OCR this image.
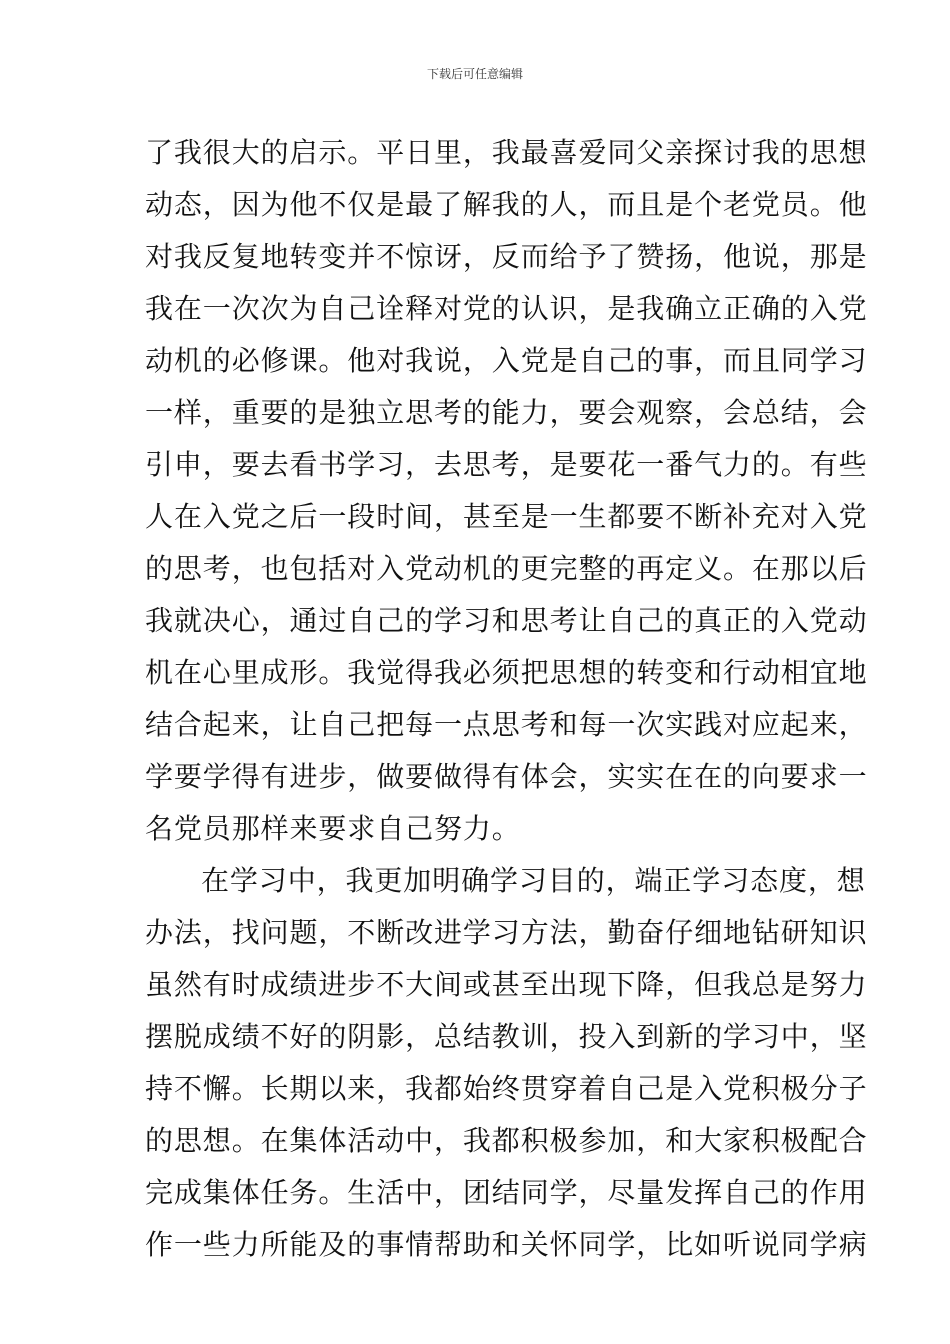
下载后可任意编辑
了我很大的启示。平日里，我最喜爱同父亲探讨我的思想
动态，因为他不仅是最了解我的人，而且是个老党员。他
对我反复地转变并不惊讶，反而给予了赞扬，他说，那是
我在一次次为自己诠释对党的认识，是我确立正确的入党
动机的必修课。他对我说，入党是自己的事，而且同学习
一样，重要的是独立思考的能力，要会观察，会总结，会
引申，要去看书学习，去思考，是要花一番气力的。有些
人在入党之后一段时间，甚至是一生都要不断补充对入党
的思考，也包括对入党动机的更完整的再定义。在那以后
我就决心，通过自己的学习和思考让自己的真正的入党动
机在心里成形。我觉得我必须把思想的转变和行动相宜地
结合起来，让自己把每一点思考和每一次实践对应起来，
学要学得有进步，做要做得有体会，实实在在的向要求一
名党员那样来要求自己努力。
在学习中，我更加明确学习目的，端正学习态度，想
办法，找问题，不断改进学习方法，勤奋仔细地钻研知识
虽然有时成绩进步不大间或甚至出现下降，但我总是努力
摆脱成绩不好的阴影，总结教训，投入到新的学习中，坚
持不懈。长期以来，我都始终贯穿着自己是入党积极分子
的思想。在集体活动中，我都积极参加，和大家积极配合
完成集体任务。生活中，团结同学，尽量发挥自己的作用
作一些力所能及的事情帮助和关怀同学，比如听说同学病
